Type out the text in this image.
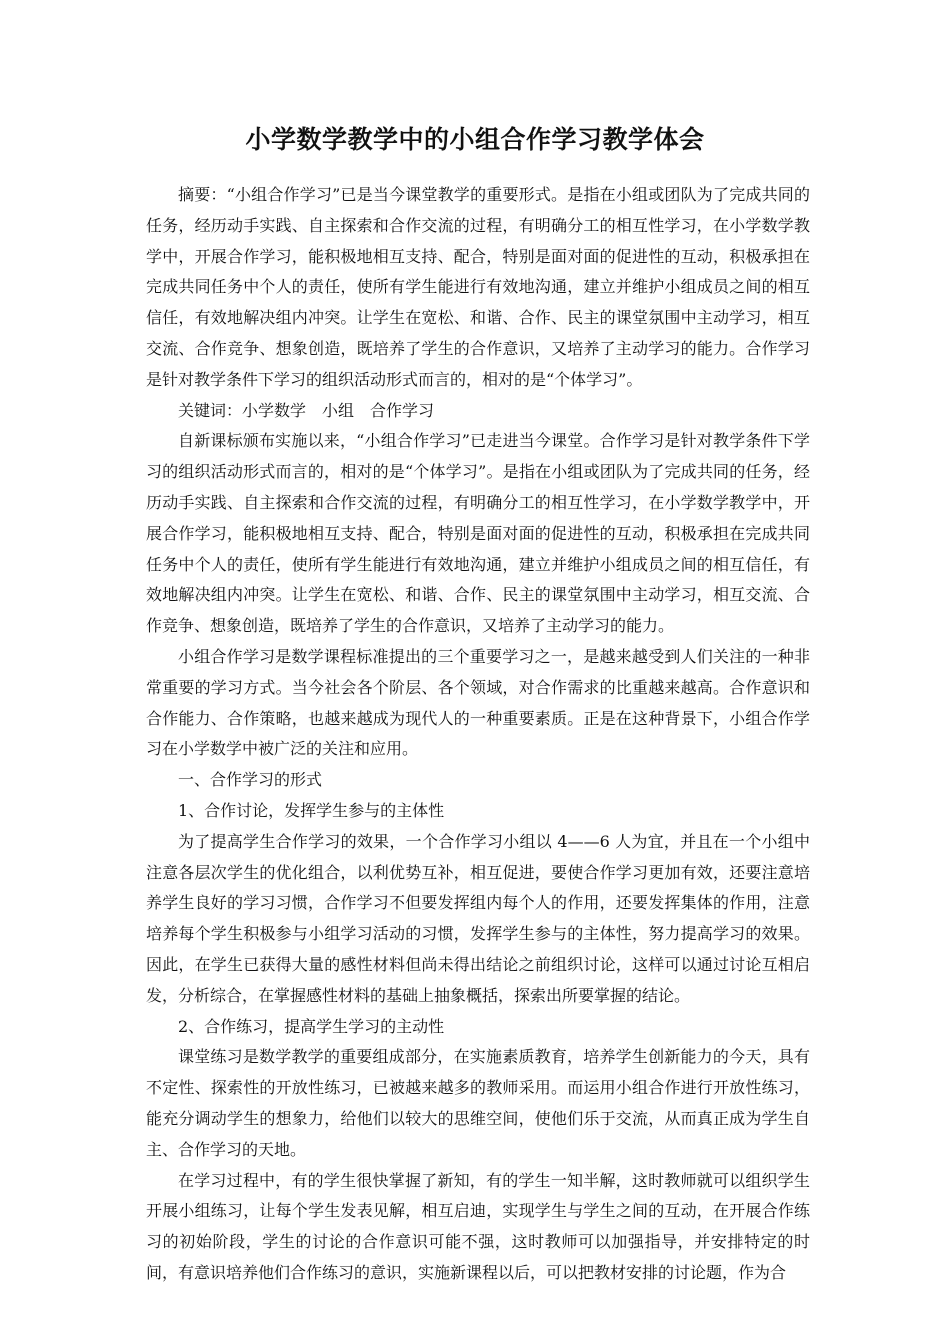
小学数学教学中的小组合作学习教学体会

摘要：“小组合作学习”已是当今课堂教学的重要形式。是指在小组或团队为了完成共同的任务，经历动手实践、自主探索和合作交流的过程，有明确分工的相互性学习，在小学数学教学中，开展合作学习，能积极地相互支持、配合，特别是面对面的促进性的互动，积极承担在完成共同任务中个人的责任，使所有学生能进行有效地沟通，建立并维护小组成员之间的相互信任，有效地解决组内冲突。让学生在宽松、和谐、合作、民主的课堂氛围中主动学习，相互交流、合作竞争、想象创造，既培养了学生的合作意识，又培养了主动学习的能力。合作学习是针对教学条件下学习的组织活动形式而言的，相对的是“个体学习”。

关键词：小学数学　小组　合作学习

自新课标颁布实施以来，“小组合作学习”已走进当今课堂。合作学习是针对教学条件下学习的组织活动形式而言的，相对的是“个体学习”。是指在小组或团队为了完成共同的任务，经历动手实践、自主探索和合作交流的过程，有明确分工的相互性学习，在小学数学教学中，开展合作学习，能积极地相互支持、配合，特别是面对面的促进性的互动，积极承担在完成共同任务中个人的责任，使所有学生能进行有效地沟通，建立并维护小组成员之间的相互信任，有效地解决组内冲突。让学生在宽松、和谐、合作、民主的课堂氛围中主动学习，相互交流、合作竞争、想象创造，既培养了学生的合作意识，又培养了主动学习的能力。

小组合作学习是数学课程标准提出的三个重要学习之一，是越来越受到人们关注的一种非常重要的学习方式。当今社会各个阶层、各个领域，对合作需求的比重越来越高。合作意识和合作能力、合作策略，也越来越成为现代人的一种重要素质。正是在这种背景下，小组合作学习在小学数学中被广泛的关注和应用。

一、合作学习的形式

1、合作讨论，发挥学生参与的主体性

为了提高学生合作学习的效果，一个合作学习小组以 4——6 人为宜，并且在一个小组中注意各层次学生的优化组合，以利优势互补，相互促进，要使合作学习更加有效，还要注意培养学生良好的学习习惯，合作学习不但要发挥组内每个人的作用，还要发挥集体的作用，注意培养每个学生积极参与小组学习活动的习惯，发挥学生参与的主体性，努力提高学习的效果。因此，在学生已获得大量的感性材料但尚未得出结论之前组织讨论，这样可以通过讨论互相启发，分析综合，在掌握感性材料的基础上抽象概括，探索出所要掌握的结论。

2、合作练习，提高学生学习的主动性

课堂练习是数学教学的重要组成部分，在实施素质教育，培养学生创新能力的今天，具有不定性、探索性的开放性练习，已被越来越多的教师采用。而运用小组合作进行开放性练习，能充分调动学生的想象力，给他们以较大的思维空间，使他们乐于交流，从而真正成为学生自主、合作学习的天地。

在学习过程中，有的学生很快掌握了新知，有的学生一知半解，这时教师就可以组织学生开展小组练习，让每个学生发表见解，相互启迪，实现学生与学生之间的互动，在开展合作练习的初始阶段，学生的讨论的合作意识可能不强，这时教师可以加强指导，并安排特定的时间，有意识培养他们合作练习的意识，实施新课程以后，可以把教材安排的讨论题，作为合
